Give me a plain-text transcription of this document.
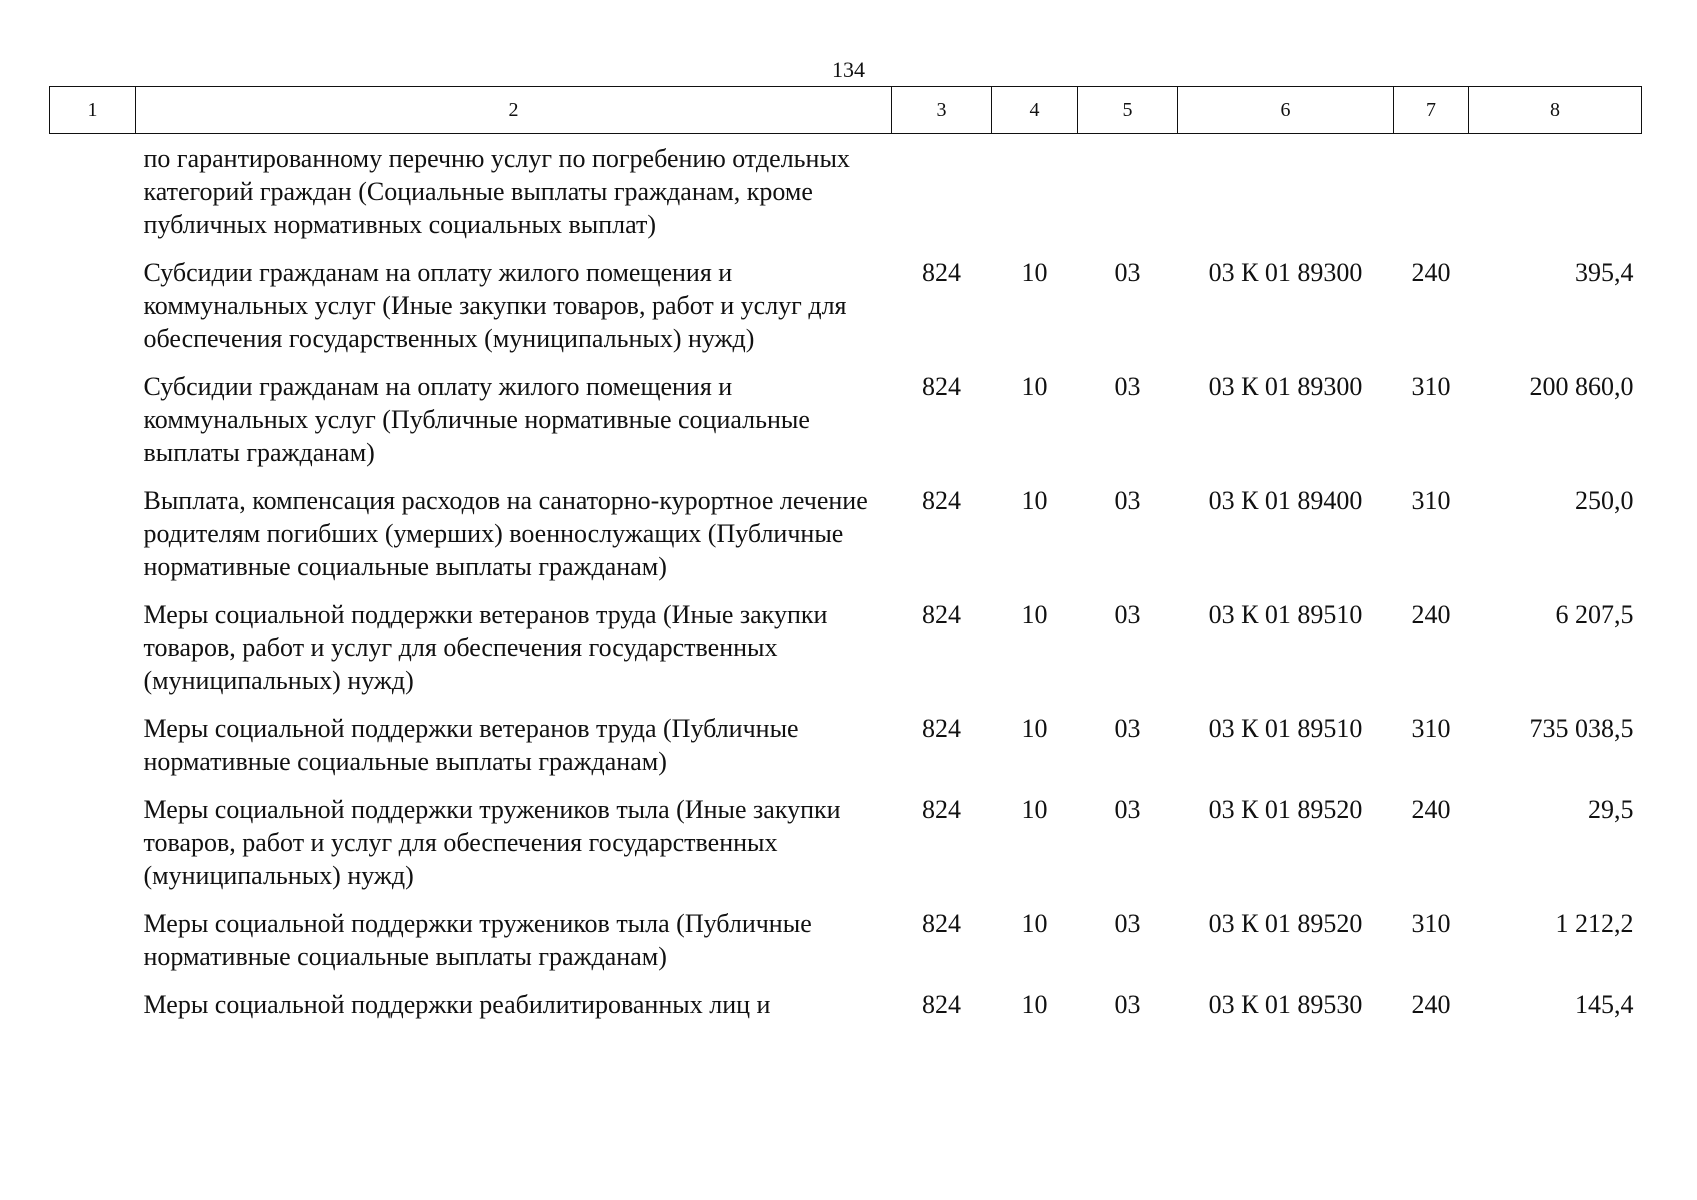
134
1	2	3	4	5	6	7	8
	по гарантированному перечню услуг по погребению отдельных категорий граждан (Социальные выплаты гражданам, кроме публичных нормативных социальных выплат)						
	Субсидии гражданам на оплату жилого помещения и коммунальных услуг (Иные закупки товаров, работ и услуг для обеспечения государственных (муниципальных) нужд)	824	10	03	03 К 01 89300	240	395,4
	Субсидии гражданам на оплату жилого помещения и коммунальных услуг (Публичные нормативные социальные выплаты гражданам)	824	10	03	03 К 01 89300	310	200 860,0
	Выплата, компенсация расходов на санаторно-курортное лечение родителям погибших (умерших) военнослужащих (Публичные нормативные социальные выплаты гражданам)	824	10	03	03 К 01 89400	310	250,0
	Меры социальной поддержки ветеранов труда (Иные закупки товаров, работ и услуг для обеспечения государственных (муниципальных) нужд)	824	10	03	03 К 01 89510	240	6 207,5
	Меры социальной поддержки ветеранов труда (Публичные нормативные социальные выплаты гражданам)	824	10	03	03 К 01 89510	310	735 038,5
	Меры социальной поддержки тружеников тыла (Иные закупки товаров, работ и услуг для обеспечения государственных (муниципальных) нужд)	824	10	03	03 К 01 89520	240	29,5
	Меры социальной поддержки тружеников тыла (Публичные нормативные социальные выплаты гражданам)	824	10	03	03 К 01 89520	310	1 212,2
	Меры социальной поддержки реабилитированных лиц и	824	10	03	03 К 01 89530	240	145,4
